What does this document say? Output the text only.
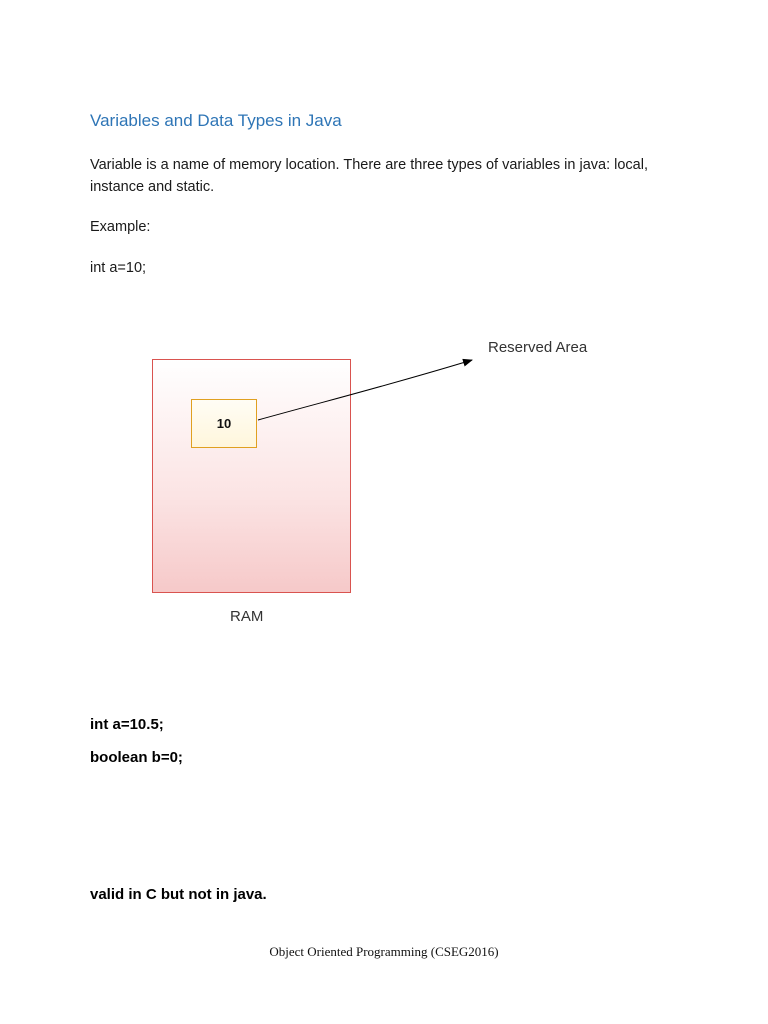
Variables and Data Types in Java
Variable is a name of memory location. There are three types of variables in java: local, instance and static.
Example:
int a=10;
10
RAM
Reserved Area
int a=10.5;
boolean b=0;
valid in C but not in java.
Object Oriented Programming (CSEG2016)
